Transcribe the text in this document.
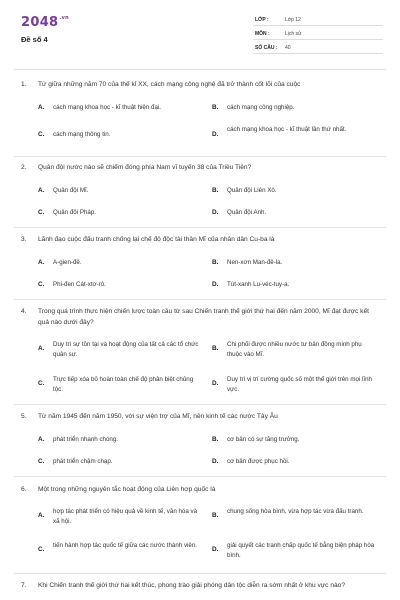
$2048^{.vn}$
Đề số 4
LỚP :	Lớp 12
MÔN :	Lịch sử
SỐ CÂU : 40
1. Từ giữa những năm 70 của thế kỉ XX, cách mạng công nghệ đã trở thành cốt lõi của cuộc
A. cách mạng khoa học - kĩ thuật hiện đại.	B. cách mạng công nghiệp.
C. cách mạng thông tin.	D.
cách mạng khoa học - kĩ thuật lần thứ nhất.
2. Quân đội nước nào sẽ chiếm đóng phía Nam vĩ tuyến 38 của Triều Tiên?
A. Quân đội Mĩ.	B. Quân đội Liên Xô.
C. Quân đội Pháp.	D. Quân đội Anh.
3. Lãnh đạo cuộc đấu tranh chống lại chế độ độc tài thân Mĩ của nhân dân Cu-ba là
A. A-gien-đê.	B. Nen-xơn Man-đê-la.
C. Phi-đen Cát-xtơ-rô.	D. Tút-xanh Lu-véc-tuy-a.
4. Trong quá trình thực hiện chiến lược toàn cầu từ sau Chiến tranh thế giới thứ hai đến năm 2000, Mĩ đạt được kết quả nào dưới đây?
A.
Duy trì sự tồn tại và hoạt động của tất cả các tổ chức quân sự.
B.
Chi phối được nhiều nước tư bản đồng minh phụ thuộc vào Mĩ.
C.
Trực tiếp xóa bỏ hoàn toàn chế độ phân biệt chủng tộc.
D.
Duy trì vị trí cường quốc số một thế giới trên mọi lĩnh vực.
5. Từ năm 1945 đến năm 1950, với sự viện trợ của Mĩ, nền kinh tế các nước Tây Âu
A. phát triển nhanh chóng.	B. cơ bản có sự tăng trưởng.
C. phát triển chậm chạp.	D. cơ bản được phục hồi.
6. Một trong những nguyên tắc hoạt động của Liên hợp quốc là
A.
hợp tác phát triển có hiệu quả về kinh tế, văn hóa và xã hội.
B.
chung sống hòa bình, vừa hợp tác vừa đấu tranh.
C.
tiến hành hợp tác quốc tế giữa các nước thành viên.
D.
giải quyết các tranh chấp quốc tế bằng biện pháp hòa bình.
7. Khi Chiến tranh thế giới thứ hai kết thúc, phong trào giải phóng dân tộc diễn ra sớm nhất ở khu vực nào?
